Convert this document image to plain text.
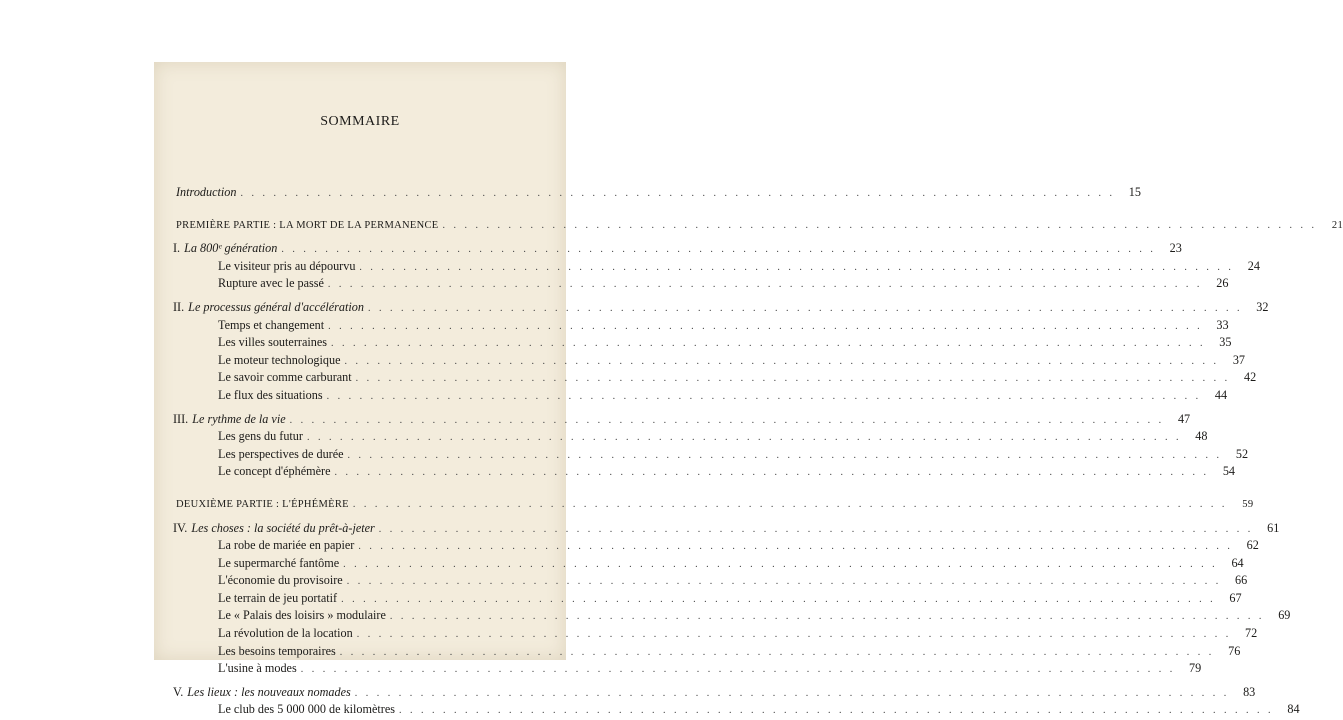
SOMMAIRE
Introduction . . . . . . . . . . . . . . . . . . . . . . . . . . . . . . . . . . . . . . . . . . . . . . . . . . . . . . . . . . . . . . . . . . . . . . . . . . . . . . . .	15
PREMIÈRE PARTIE : LA MORT DE LA PERMANENCE . . . . . . . . . . . . . . . . . . . . . . . . . . . . . . . . . . . . . . . . . . . . . . . . . . . . . . . . . . . . . . . . . . . . . . . . . . . . . . . .	21
I. La 800ᵉ génération . . . . . . . . . . . . . . . . . . . . . . . . . . . . . . . . . . . . . . . . . . . . . . . . . . . . . . . . . . . . . . . . . . . . . . . . . . . . . . . .	23
Le visiteur pris au dépourvu . . . . . . . . . . . . . . . . . . . . . . . . . . . . . . . . . . . . . . . . . . . . . . . . . . . . . . . . . . . . . . . . . . . . . . . . . . . . . . . .	24
Rupture avec le passé . . . . . . . . . . . . . . . . . . . . . . . . . . . . . . . . . . . . . . . . . . . . . . . . . . . . . . . . . . . . . . . . . . . . . . . . . . . . . . . .	26
II. Le processus général d'accélération . . . . . . . . . . . . . . . . . . . . . . . . . . . . . . . . . . . . . . . . . . . . . . . . . . . . . . . . . . . . . . . . . . . . . . . . . . . . . . . .	32
Temps et changement . . . . . . . . . . . . . . . . . . . . . . . . . . . . . . . . . . . . . . . . . . . . . . . . . . . . . . . . . . . . . . . . . . . . . . . . . . . . . . . .	33
Les villes souterraines . . . . . . . . . . . . . . . . . . . . . . . . . . . . . . . . . . . . . . . . . . . . . . . . . . . . . . . . . . . . . . . . . . . . . . . . . . . . . . . .	35
Le moteur technologique . . . . . . . . . . . . . . . . . . . . . . . . . . . . . . . . . . . . . . . . . . . . . . . . . . . . . . . . . . . . . . . . . . . . . . . . . . . . . . . .	37
Le savoir comme carburant . . . . . . . . . . . . . . . . . . . . . . . . . . . . . . . . . . . . . . . . . . . . . . . . . . . . . . . . . . . . . . . . . . . . . . . . . . . . . . . .	42
Le flux des situations . . . . . . . . . . . . . . . . . . . . . . . . . . . . . . . . . . . . . . . . . . . . . . . . . . . . . . . . . . . . . . . . . . . . . . . . . . . . . . . .	44
III. Le rythme de la vie . . . . . . . . . . . . . . . . . . . . . . . . . . . . . . . . . . . . . . . . . . . . . . . . . . . . . . . . . . . . . . . . . . . . . . . . . . . . . . . .	47
Les gens du futur . . . . . . . . . . . . . . . . . . . . . . . . . . . . . . . . . . . . . . . . . . . . . . . . . . . . . . . . . . . . . . . . . . . . . . . . . . . . . . . .	48
Les perspectives de durée . . . . . . . . . . . . . . . . . . . . . . . . . . . . . . . . . . . . . . . . . . . . . . . . . . . . . . . . . . . . . . . . . . . . . . . . . . . . . . . .	52
Le concept d'éphémère . . . . . . . . . . . . . . . . . . . . . . . . . . . . . . . . . . . . . . . . . . . . . . . . . . . . . . . . . . . . . . . . . . . . . . . . . . . . . . . .	54
DEUXIÈME PARTIE : L'ÉPHÉMÈRE . . . . . . . . . . . . . . . . . . . . . . . . . . . . . . . . . . . . . . . . . . . . . . . . . . . . . . . . . . . . . . . . . . . . . . . . . . . . . . . .	59
IV. Les choses : la société du prêt-à-jeter . . . . . . . . . . . . . . . . . . . . . . . . . . . . . . . . . . . . . . . . . . . . . . . . . . . . . . . . . . . . . . . . . . . . . . . . . . . . . . . .	61
La robe de mariée en papier . . . . . . . . . . . . . . . . . . . . . . . . . . . . . . . . . . . . . . . . . . . . . . . . . . . . . . . . . . . . . . . . . . . . . . . . . . . . . . . .	62
Le supermarché fantôme . . . . . . . . . . . . . . . . . . . . . . . . . . . . . . . . . . . . . . . . . . . . . . . . . . . . . . . . . . . . . . . . . . . . . . . . . . . . . . . .	64
L'économie du provisoire . . . . . . . . . . . . . . . . . . . . . . . . . . . . . . . . . . . . . . . . . . . . . . . . . . . . . . . . . . . . . . . . . . . . . . . . . . . . . . . .	66
Le terrain de jeu portatif . . . . . . . . . . . . . . . . . . . . . . . . . . . . . . . . . . . . . . . . . . . . . . . . . . . . . . . . . . . . . . . . . . . . . . . . . . . . . . . .	67
Le « Palais des loisirs » modulaire . . . . . . . . . . . . . . . . . . . . . . . . . . . . . . . . . . . . . . . . . . . . . . . . . . . . . . . . . . . . . . . . . . . . . . . . . . . . . . . .	69
La révolution de la location . . . . . . . . . . . . . . . . . . . . . . . . . . . . . . . . . . . . . . . . . . . . . . . . . . . . . . . . . . . . . . . . . . . . . . . . . . . . . . . .	72
Les besoins temporaires . . . . . . . . . . . . . . . . . . . . . . . . . . . . . . . . . . . . . . . . . . . . . . . . . . . . . . . . . . . . . . . . . . . . . . . . . . . . . . . .	76
L'usine à modes . . . . . . . . . . . . . . . . . . . . . . . . . . . . . . . . . . . . . . . . . . . . . . . . . . . . . . . . . . . . . . . . . . . . . . . . . . . . . . . .	79
V. Les lieux : les nouveaux nomades . . . . . . . . . . . . . . . . . . . . . . . . . . . . . . . . . . . . . . . . . . . . . . . . . . . . . . . . . . . . . . . . . . . . . . . . . . . . . . . .	83
Le club des 5 000 000 de kilomètres . . . . . . . . . . . . . . . . . . . . . . . . . . . . . . . . . . . . . . . . . . . . . . . . . . . . . . . . . . . . . . . . . . . . . . . . . . . . . . . .	84
